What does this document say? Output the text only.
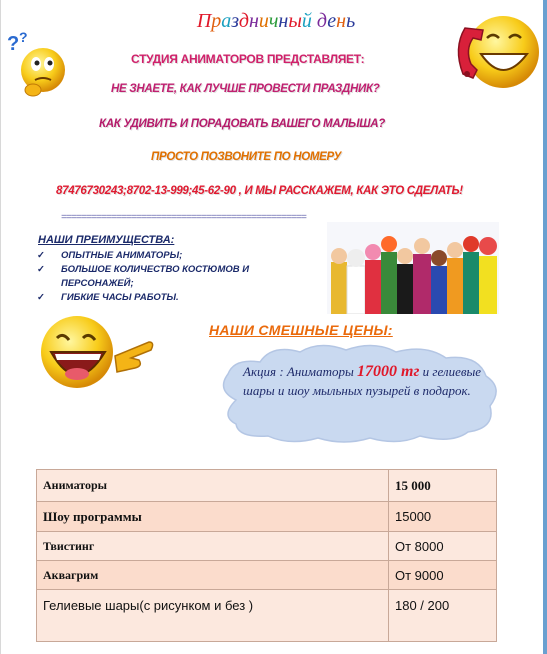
? ?
Праздничный день
СТУДИЯ АНИМАТОРОВ ПРЕДСТАВЛЯЕТ:
НЕ ЗНАЕТЕ, КАК ЛУЧШЕ ПРОВЕСТИ ПРАЗДНИК?
КАК УДИВИТЬ И ПОРАДОВАТЬ ВАШЕГО МАЛЫША?
ПРОСТО ПОЗВОНИТЕ ПО НОМЕРУ
87476730243;8702-13-999;45-62-90 , И МЫ РАССКАЖЕМ, КАК ЭТО СДЕЛАТЬ!
=================================================
НАШИ ПРЕИМУЩЕСТВА:
✓ ОПЫТНЫЕ АНИМАТОРЫ;
✓ БОЛЬШОЕ КОЛИЧЕСТВО КОСТЮМОВ И ПЕРСОНАЖЕЙ;
✓ ГИБКИЕ ЧАСЫ РАБОТЫ.
НАШИ СМЕШНЫЕ ЦЕНЫ:
Акция : Аниматоры 17000 тг и гелиевые шары и шоу мыльных пузырей в подарок.
Аниматоры	15 000
Шоу программы	15000
Твистинг	От 8000
Аквагрим	От 9000
Гелиевые шары(с рисунком и без )	180 / 200
